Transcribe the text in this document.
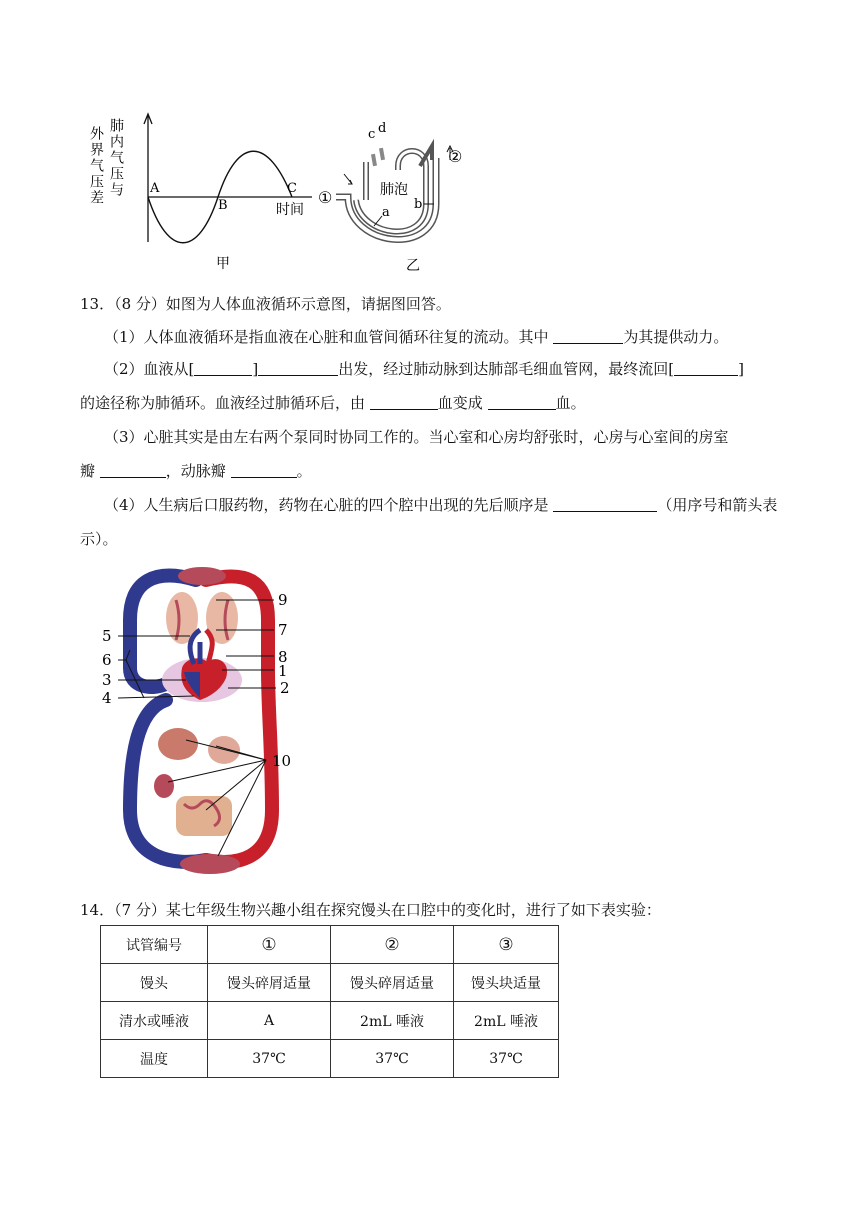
外界气压差 肺内气压与 A
B
C
时间
甲
①
c d
肺泡
a
b
②
乙
13．（8 分）如图为人体血液循环示意图，请据图回答。
（1）人体血液循环是指血液在心脏和血管间循环往复的流动。其中	为其提供动力。
（2）血液从[	]	出发，经过肺动脉到达肺部毛细血管网，最终流回[	]
的途径称为肺循环。血液经过肺循环后，由	血变成	血。
（3）心脏其实是由左右两个泵同时协同工作的。当心室和心房均舒张时，心房与心室间的房室
瓣	，动脉瓣	。
（4）人生病后口服药物，药物在心脏的四个腔中出现的先后顺序是	（用序号和箭头表
示）。
9
7
5
6	8
1
3	2
4
10
14．（7 分）某七年级生物兴趣小组在探究馒头在口腔中的变化时，进行了如下表实验：
试管编号	①	②	③
馒头	馒头碎屑适量	馒头碎屑适量	馒头块适量
清水或唾液	A	2mL 唾液	2mL 唾液
温度	37℃	37℃	37℃
